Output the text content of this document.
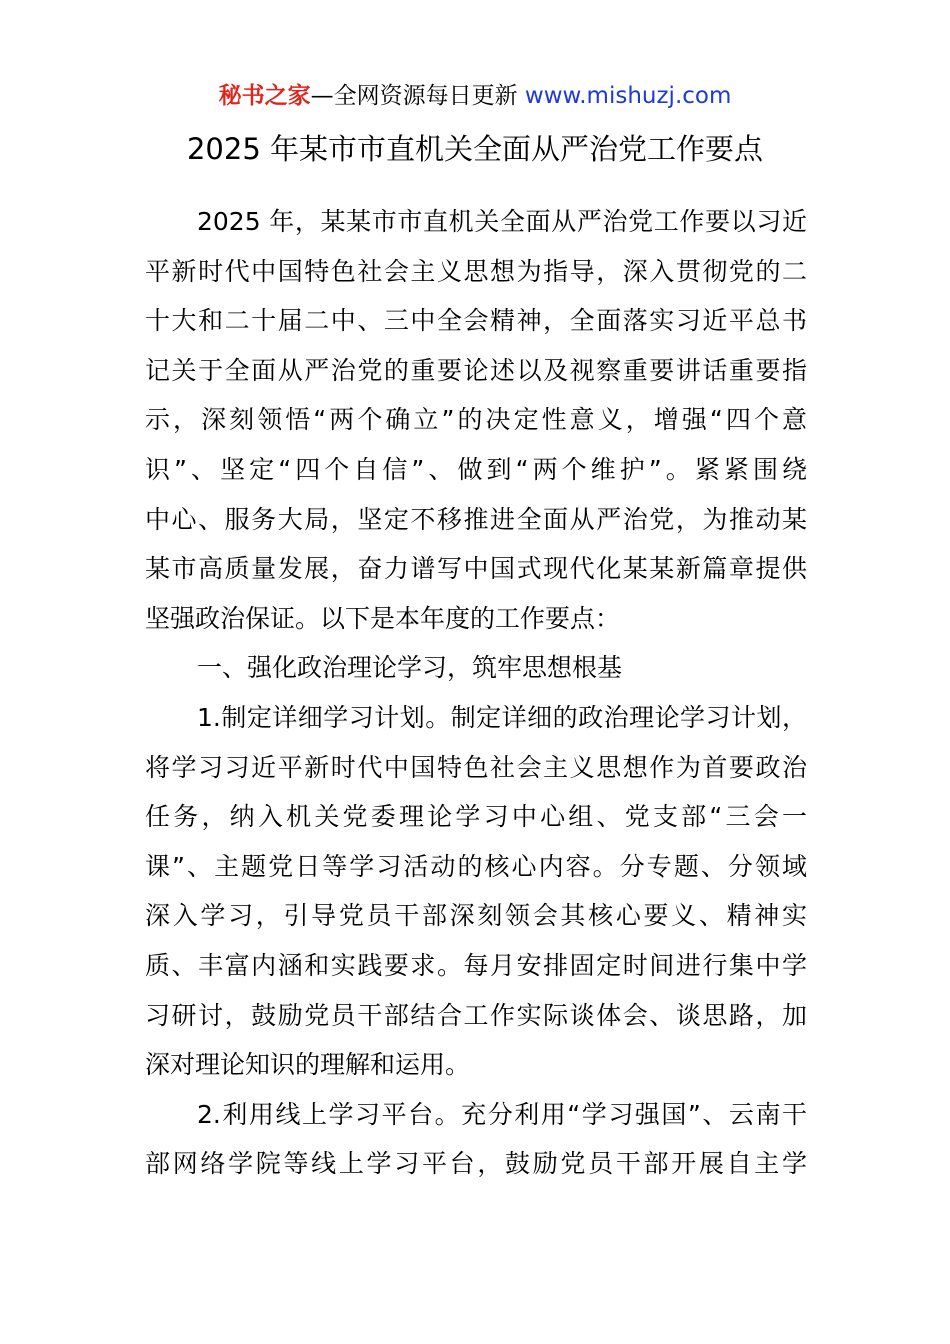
秘书之家—全网资源每日更新 www.mishuzj.com
2025 年某市市直机关全面从严治党工作要点
2025 年，某某市市直机关全面从严治党工作要以习近
平新时代中国特色社会主义思想为指导，深入贯彻党的二
十大和二十届二中、三中全会精神，全面落实习近平总书
记关于全面从严治党的重要论述以及视察重要讲话重要指
示，深刻领悟“两个确立”的决定性意义，增强“四个意
识”、坚定“四个自信”、做到“两个维护”。紧紧围绕
中心、服务大局，坚定不移推进全面从严治党，为推动某
某市高质量发展，奋力谱写中国式现代化某某新篇章提供
坚强政治保证。以下是本年度的工作要点：
一、强化政治理论学习，筑牢思想根基
1.制定详细学习计划。制定详细的政治理论学习计划，
将学习习近平新时代中国特色社会主义思想作为首要政治
任务，纳入机关党委理论学习中心组、党支部“三会一
课”、主题党日等学习活动的核心内容。分专题、分领域
深入学习，引导党员干部深刻领会其核心要义、精神实
质、丰富内涵和实践要求。每月安排固定时间进行集中学
习研讨，鼓励党员干部结合工作实际谈体会、谈思路，加
深对理论知识的理解和运用。
2.利用线上学习平台。充分利用“学习强国”、云南干
部网络学院等线上学习平台，鼓励党员干部开展自主学
